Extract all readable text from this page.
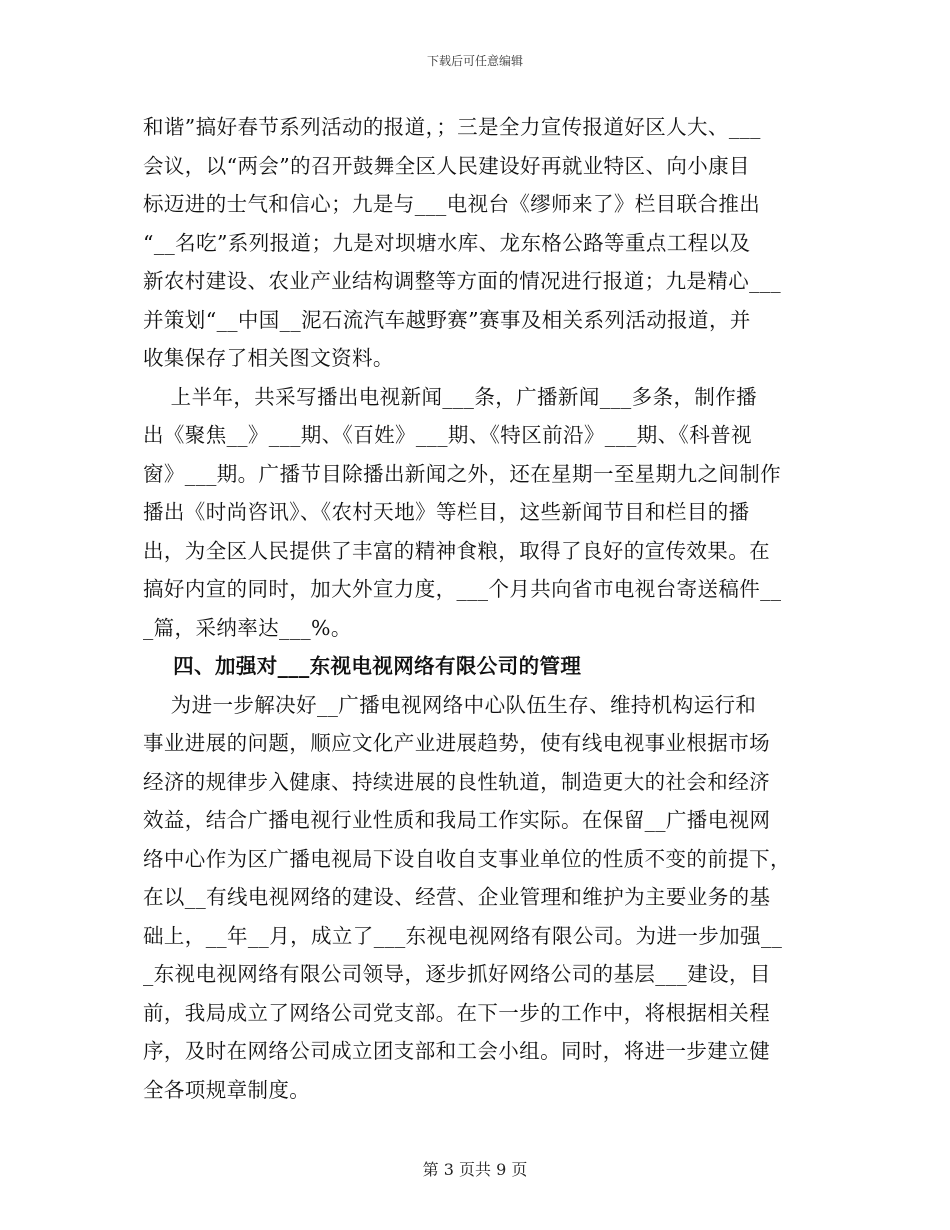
下载后可任意编辑
和谐”搞好春节系列活动的报道，；三是全力宣传报道好区人大、___
会议，以“两会”的召开鼓舞全区人民建设好再就业特区、向小康目
标迈进的士气和信心；九是与___电视台《缪师来了》栏目联合推出
“__名吃”系列报道；九是对坝塘水库、龙东格公路等重点工程以及
新农村建设、农业产业结构调整等方面的情况进行报道；九是精心___
并策划“__中国__泥石流汽车越野赛”赛事及相关系列活动报道，并
收集保存了相关图文资料。
上半年，共采写播出电视新闻___条，广播新闻___多条，制作播
出《聚焦__》___期、《百姓》___期、《特区前沿》___期、《科普视
窗》___期。广播节目除播出新闻之外，还在星期一至星期九之间制作
播出《时尚咨讯》、《农村天地》等栏目，这些新闻节目和栏目的播
出，为全区人民提供了丰富的精神食粮，取得了良好的宣传效果。在
搞好内宣的同时，加大外宣力度，___个月共向省市电视台寄送稿件__
_篇，采纳率达___%。
四、加强对___东视电视网络有限公司的管理
为进一步解决好__广播电视网络中心队伍生存、维持机构运行和
事业进展的问题，顺应文化产业进展趋势，使有线电视事业根据市场
经济的规律步入健康、持续进展的良性轨道，制造更大的社会和经济
效益，结合广播电视行业性质和我局工作实际。在保留__广播电视网
络中心作为区广播电视局下设自收自支事业单位的性质不变的前提下，
在以__有线电视网络的建设、经营、企业管理和维护为主要业务的基
础上，__年__月，成立了___东视电视网络有限公司。为进一步加强__
_东视电视网络有限公司领导，逐步抓好网络公司的基层___建设，目
前，我局成立了网络公司党支部。在下一步的工作中，将根据相关程
序，及时在网络公司成立团支部和工会小组。同时，将进一步建立健
全各项规章制度。
第 3 页共 9 页
